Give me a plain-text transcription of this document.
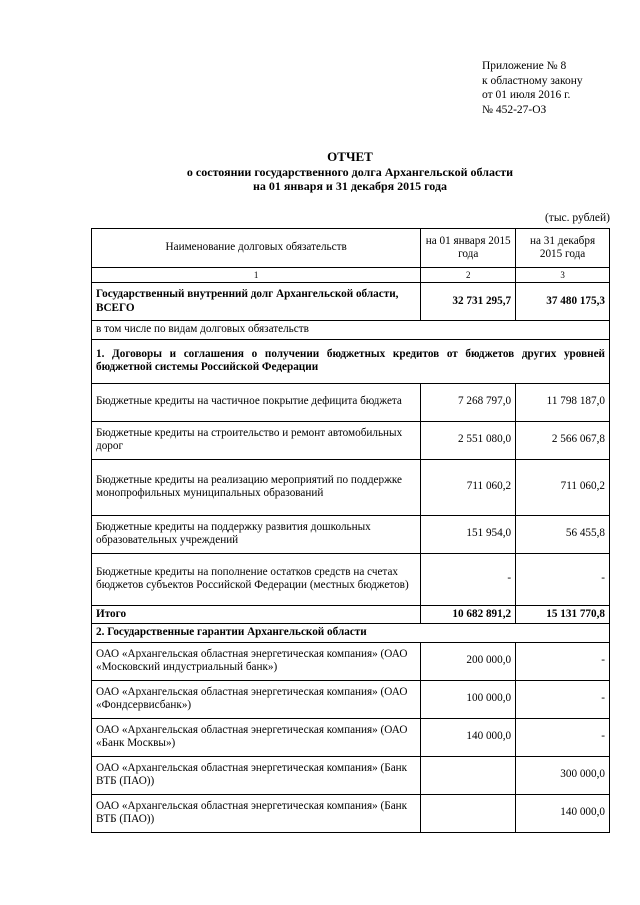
Приложение № 8
к областному закону
от 01 июля 2016 г.
№ 452-27-ОЗ
ОТЧЕТ
о состоянии государственного долга Архангельской области
на 01 января и 31 декабря 2015 года
(тыс. рублей)
Наименование долговых обязательств	на 01 января 2015 года	на 31 декабря 2015 года
1	2	3
Государственный внутренний долг Архангельской области, ВСЕГО	32 731 295,7	37 480 175,3
в том числе по видам долговых обязательств		
1. Договоры и соглашения о получении бюджетных кредитов от бюджетов других уровней бюджетной системы Российской Федерации		
Бюджетные кредиты на частичное покрытие дефицита бюджета	7 268 797,0	11 798 187,0
Бюджетные кредиты на строительство и ремонт автомобильных дорог	2 551 080,0	2 566 067,8
Бюджетные кредиты на реализацию мероприятий по поддержке монопрофильных муниципальных образований	711 060,2	711 060,2
Бюджетные кредиты на поддержку развития дошкольных образовательных учреждений	151 954,0	56 455,8
Бюджетные кредиты на пополнение остатков средств на счетах бюджетов субъектов Российской Федерации (местных бюджетов)	-	-
Итого	10 682 891,2	15 131 770,8
2. Государственные гарантии Архангельской области		
ОАО «Архангельская областная энергетическая компания» (ОАО «Московский индустриальный банк»)	200 000,0	-
ОАО «Архангельская областная энергетическая компания» (ОАО «Фондсервисбанк»)	100 000,0	-
ОАО «Архангельская областная энергетическая компания» (ОАО «Банк Москвы»)	140 000,0	-
ОАО «Архангельская областная энергетическая компания» (Банк ВТБ (ПАО))		300 000,0
ОАО «Архангельская областная энергетическая компания» (Банк ВТБ (ПАО))		140 000,0
